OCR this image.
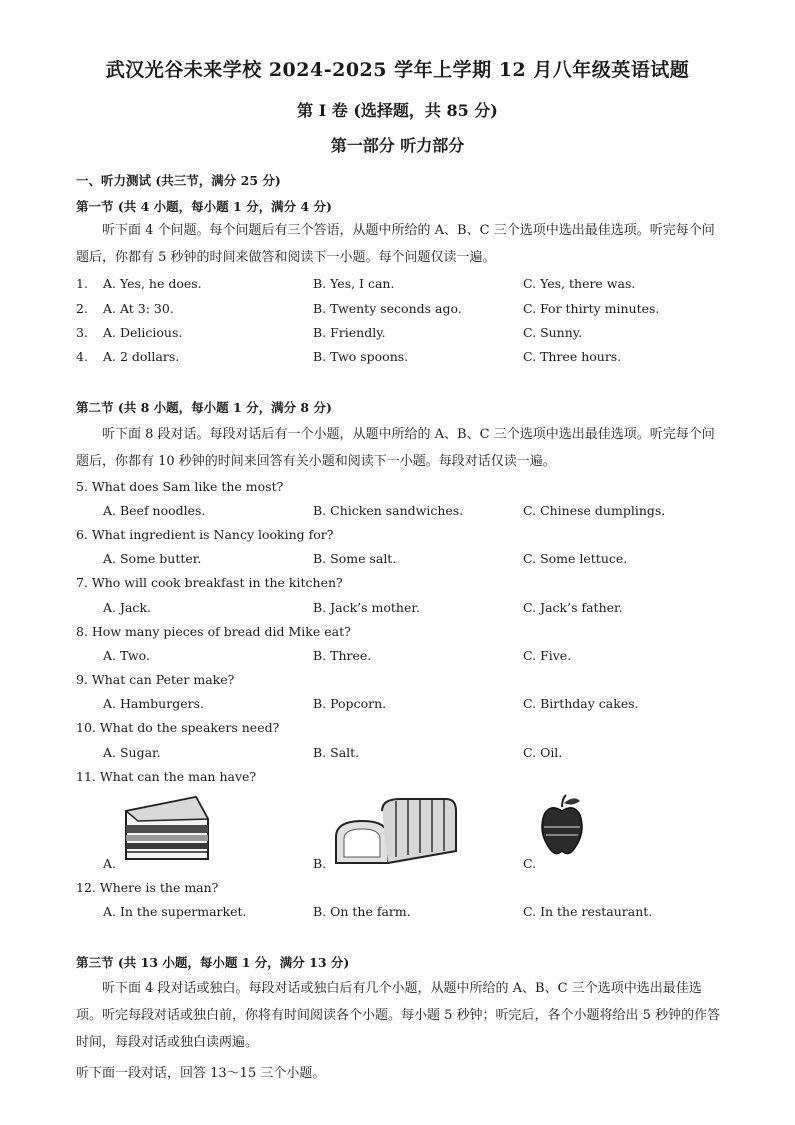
武汉光谷未来学校 2024-2025 学年上学期 12 月八年级英语试题
第 I 卷 (选择题，共 85 分)
第一部分 听力部分
一、听力测试 (共三节，满分 25 分)
第一节 (共 4 小题，每小题 1 分，满分 4 分)
听下面 4 个问题。每个问题后有三个答语，从题中所给的 A、B、C 三个选项中选出最佳选项。听完每个问题后，你都有 5 秒钟的时间来做答和阅读下一小题。每个问题仅读一遍。
1. A. Yes, he does.	B. Yes, I can.	C. Yes, there was.
2. A. At 3: 30.	B. Twenty seconds ago.	C. For thirty minutes.
3. A. Delicious.	B. Friendly.	C. Sunny.
4. A. 2 dollars.	B. Two spoons.	C. Three hours.
第二节 (共 8 小题，每小题 1 分，满分 8 分)
听下面 8 段对话。每段对话后有一个小题，从题中所给的 A、B、C 三个选项中选出最佳选项。听完每个问题后，你都有 10 秒钟的时间来回答有关小题和阅读下一小题。每段对话仅读一遍。
5. What does Sam like the most?
A. Beef noodles.	B. Chicken sandwiches.	C. Chinese dumplings.
6. What ingredient is Nancy looking for?
A. Some butter.	B. Some salt.	C. Some lettuce.
7. Who will cook breakfast in the kitchen?
A. Jack.	B. Jack’s mother.	C. Jack’s father.
8. How many pieces of bread did Mike eat?
A. Two.	B. Three.	C. Five.
9. What can Peter make?
A. Hamburgers.	B. Popcorn.	C. Birthday cakes.
10. What do the speakers need?
A. Sugar.	B. Salt.	C. Oil.
11. What can the man have?
A.	B.	C.
12. Where is the man?
A. In the supermarket.	B. On the farm.	C. In the restaurant.
第三节 (共 13 小题，每小题 1 分，满分 13 分)
听下面 4 段对话或独白。每段对话或独白后有几个小题，从题中所给的 A、B、C 三个选项中选出最佳选项。听完每段对话或独白前，你将有时间阅读各个小题。每小题 5 秒钟；听完后，各个小题将给出 5 秒钟的作答时间，每段对话或独白读两遍。
听下面一段对话，回答 13～15 三个小题。
